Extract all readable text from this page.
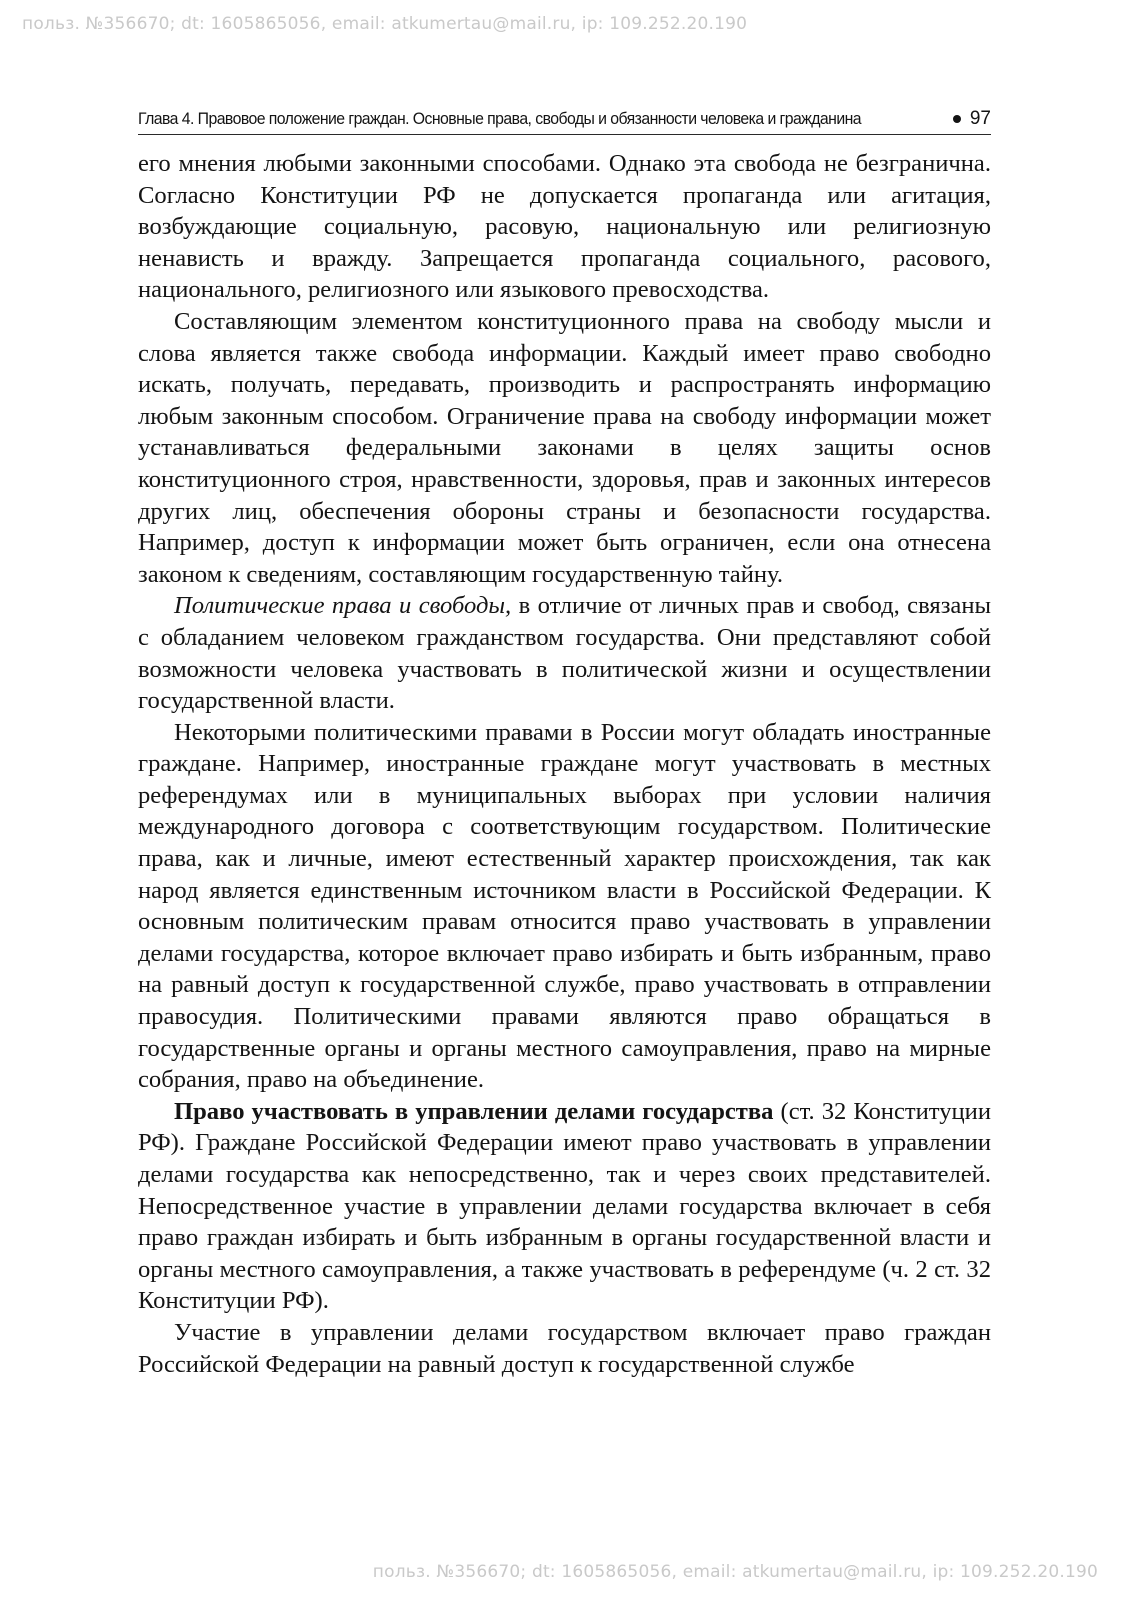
польз. №356670; dt: 1605865056, email: atkumertau@mail.ru, ip: 109.252.20.190
Глава 4. Правовое положение граждан. Основные права, свободы и обязанности человека и гражданина	97

его мнения любыми законными способами. Однако эта свобода не безгранична. Согласно Конституции РФ не допускается пропаганда или агитация, возбуждающие социальную, расовую, национальную или религиозную ненависть и вражду. Запрещается пропаганда социального, расового, национального, религиозного или языкового превосходства.

Составляющим элементом конституционного права на свободу мысли и слова является также свобода информации. Каждый имеет право свободно искать, получать, передавать, производить и распространять информацию любым законным способом. Ограничение права на свободу информации может устанавливаться федеральными законами в целях защиты основ конституционного строя, нравственности, здоровья, прав и законных интересов других лиц, обеспечения обороны страны и безопасности государства. Например, доступ к информации может быть ограничен, если она отнесена законом к сведениям, составляющим государственную тайну.

Политические права и свободы, в отличие от личных прав и свобод, связаны с обладанием человеком гражданством государства. Они представляют собой возможности человека участвовать в политической жизни и осуществлении государственной власти.

Некоторыми политическими правами в России могут обладать иностранные граждане. Например, иностранные граждане могут участвовать в местных референдумах или в муниципальных выборах при условии наличия международного договора с соответствующим государством. Политические права, как и личные, имеют естественный характер происхождения, так как народ является единственным источником власти в Российской Федерации. К основным политическим правам относится право участвовать в управлении делами государства, которое включает право избирать и быть избранным, право на равный доступ к государственной службе, право участвовать в отправлении правосудия. Политическими правами являются право обращаться в государственные органы и органы местного самоуправления, право на мирные собрания, право на объединение.

Право участвовать в управлении делами государства (ст. 32 Конституции РФ). Граждане Российской Федерации имеют право участвовать в управлении делами государства как непосредственно, так и через своих представителей. Непосредственное участие в управлении делами государства включает в себя право граждан избирать и быть избранным в органы государственной власти и органы местного самоуправления, а также участвовать в референдуме (ч. 2 ст. 32 Конституции РФ).

Участие в управлении делами государством включает право граждан Российской Федерации на равный доступ к государственной службе

польз. №356670; dt: 1605865056, email: atkumertau@mail.ru, ip: 109.252.20.190
